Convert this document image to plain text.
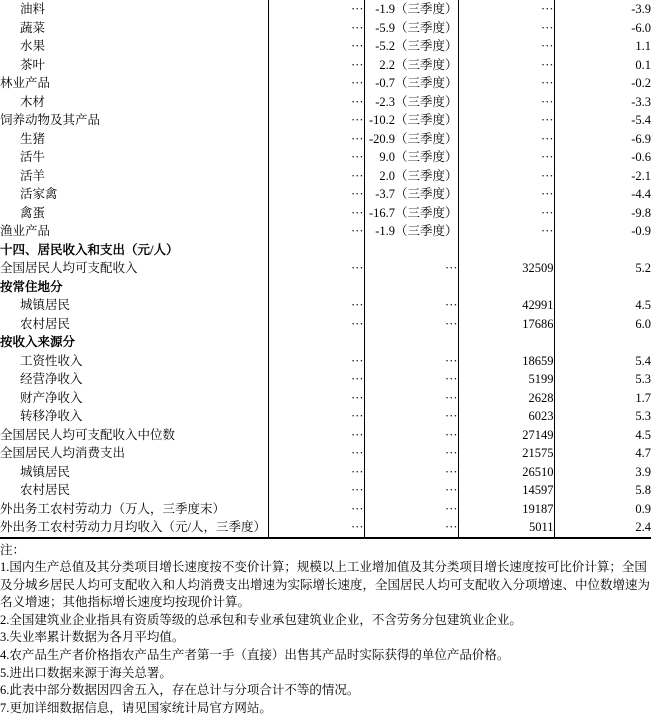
油料	···	-1.9（三季度）	···	-3.9
蔬菜	···	-5.9（三季度）	···	-6.0
水果	···	-5.2（三季度）	···	1.1
茶叶	···	2.2（三季度）	···	0.1
林业产品	···	-0.7（三季度）	···	-0.2
木材	···	-2.3（三季度）	···	-3.3
饲养动物及其产品	···	-10.2（三季度）	···	-5.4
生猪	···	-20.9（三季度）	···	-6.9
活牛	···	9.0（三季度）	···	-0.6
活羊	···	2.0（三季度）	···	-2.1
活家禽	···	-3.7（三季度）	···	-4.4
禽蛋	···	-16.7（三季度）	···	-9.8
渔业产品	···	-1.9（三季度）	···	-0.9
十四、居民收入和支出（元/人）				
全国居民人均可支配收入	···	···	32509	5.2
按常住地分				
城镇居民	···	···	42991	4.5
农村居民	···	···	17686	6.0
按收入来源分				
工资性收入	···	···	18659	5.4
经营净收入	···	···	5199	5.3
财产净收入	···	···	2628	1.7
转移净收入	···	···	6023	5.3
全国居民人均可支配收入中位数	···	···	27149	4.5
全国居民人均消费支出	···	···	21575	4.7
城镇居民	···	···	26510	3.9
农村居民	···	···	14597	5.8
外出务工农村劳动力（万人，三季度末）	···	···	19187	0.9
外出务工农村劳动力月均收入（元/人，三季度）	···	···	5011	2.4
注：
1.国内生产总值及其分类项目增长速度按不变价计算；规模以上工业增加值及其分类项目增长速度按可比价计算；全国及分城乡居民人均可支配收入和人均消费支出增速为实际增长速度，全国居民人均可支配收入分项增速、中位数增速为名义增速；其他指标增长速度均按现价计算。
2.全国建筑业企业指具有资质等级的总承包和专业承包建筑业企业，不含劳务分包建筑业企业。
3.失业率累计数据为各月平均值。
4.农产品生产者价格指农产品生产者第一手（直接）出售其产品时实际获得的单位产品价格。
5.进出口数据来源于海关总署。
6.此表中部分数据因四舍五入，存在总计与分项合计不等的情况。
7.更加详细数据信息，请见国家统计局官方网站。
